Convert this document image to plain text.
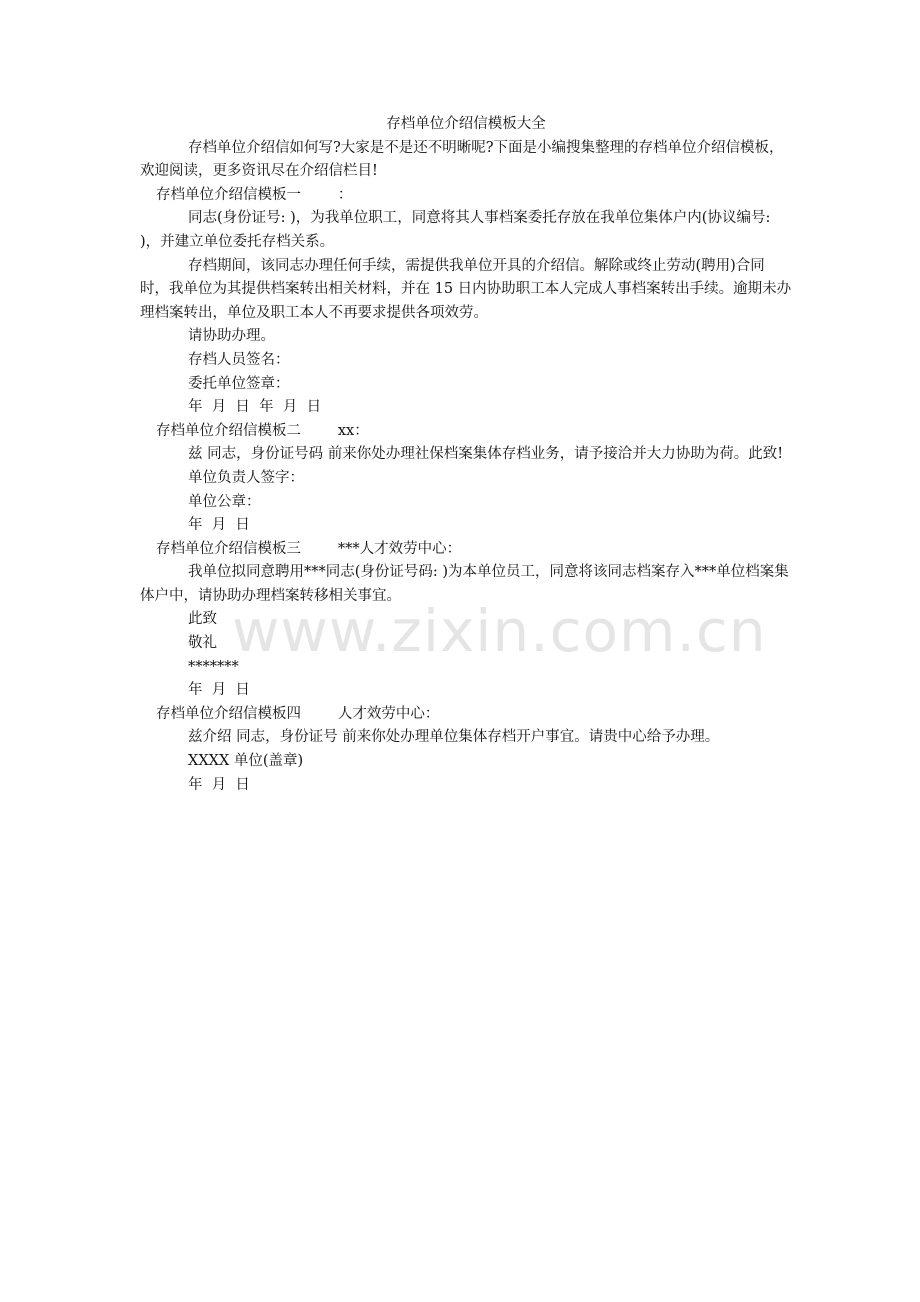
存档单位介绍信模板大全

存档单位介绍信如何写?大家是不是还不明晰呢?下面是小编搜集整理的存档单位介绍信模板，欢迎阅读，更多资讯尽在介绍信栏目!

存档单位介绍信模板一        ：

同志(身份证号: )，为我单位职工，同意将其人事档案委托存放在我单位集体户内(协议编号: )，并建立单位委托存档关系。

存档期间，该同志办理任何手续，需提供我单位开具的介绍信。解除或终止劳动(聘用)合同时，我单位为其提供档案转出相关材料，并在 15 日内协助职工本人完成人事档案转出手续。逾期未办理档案转出，单位及职工本人不再要求提供各项效劳。

请协助办理。

存档人员签名：

委托单位签章：

年  月  日  年  月  日

存档单位介绍信模板二        xx：

兹 同志，身份证号码 前来你处办理社保档案集体存档业务，请予接洽并大力协助为荷。此致!

单位负责人签字：

单位公章：

年  月  日

存档单位介绍信模板三        ***人才效劳中心：

我单位拟同意聘用***同志(身份证号码: )为本单位员工，同意将该同志档案存入***单位档案集体户中，请协助办理档案转移相关事宜。

此致

敬礼

*******

年  月  日

存档单位介绍信模板四        人才效劳中心：

兹介绍 同志，身份证号 前来你处办理单位集体存档开户事宜。请贵中心给予办理。

XXXX 单位(盖章)

年  月  日

www.zixin.com.cn
